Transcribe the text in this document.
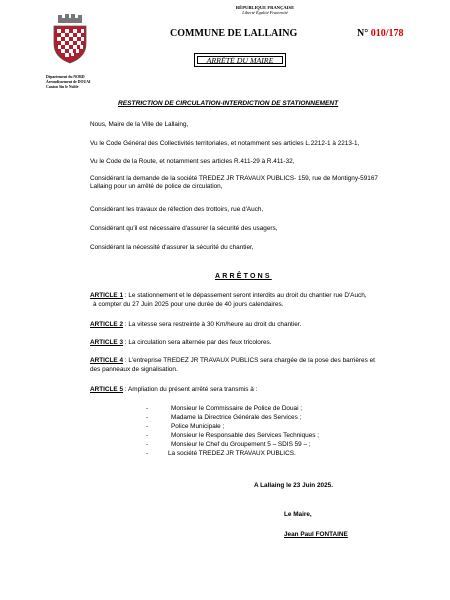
RÉPUBLIQUE FRANÇAISE
Liberté Égalité Fraternité
COMMUNE DE LALLAING	N° 010/178
ARRÊTÉ DU MAIRE
Département du NORD
Arrondissement de DOUAI
Canton Sin le Noble
RESTRICTION DE CIRCULATION-INTERDICTION DE STATIONNEMENT
Nous, Maire de la Ville de Lallaing,
Vu le Code Général des Collectivités territoriales, et notamment ses articles L.2212-1 à 2213-1,
Vu le Code de la Route, et notamment ses articles R.411-29 à R.411-32,
Considérant la demande de la société TREDEZ JR TRAVAUX PUBLICS- 159, rue de Montigny-59167
Lallaing pour un arrêté de police de circulation,
Considérant les travaux de réfection des trottoirs, rue d'Auch,
Considérant qu'il est nécessaire d'assurer la sécurité des usagers,
Considérant la nécessité d'assurer la sécurité du chantier,
ARRÊTONS
ARTICLE 1 : Le stationnement et le dépassement seront interdits au droit du chantier rue D'Auch,
à compter du 27 Juin 2025 pour une durée de 40 jours calendaires.
ARTICLE 2 : La vitesse sera restreinte à 30 Km/heure au droit du chantier.
ARTICLE 3 : La circulation sera alternée par des feux tricolores.
ARTICLE 4 : L'entreprise TREDEZ JR TRAVAUX PUBLICS sera chargée de la pose des barrières et
des panneaux de signalisation.
ARTICLE 5 : Ampliation du présent arrêté sera transmis à :
-	Monsieur le Commissaire de Police de Douai ;
-	Madame la Directrice Générale des Services ;
-	Police Municipale ;
-	Monsieur le Responsable des Services Techniques ;
-	Monsieur le Chef du Groupement 5 – SDIS 59 – ;
-	La société TREDEZ JR TRAVAUX PUBLICS.
A Lallaing le 23 Juin 2025.
Le Maire,
Jean Paul FONTAINE
